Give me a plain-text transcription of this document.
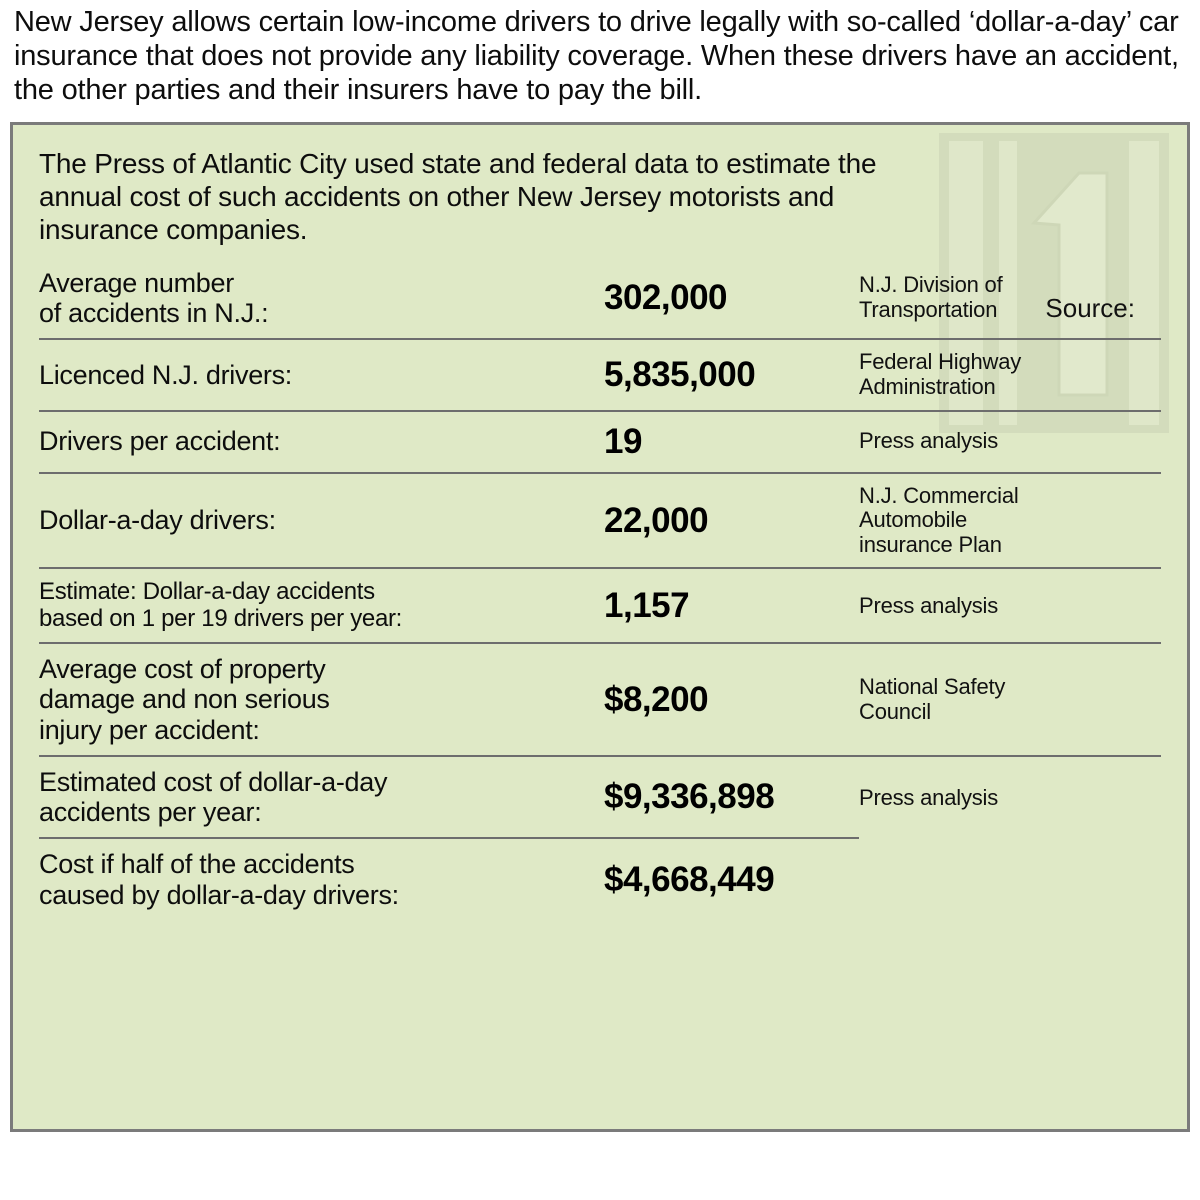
New Jersey allows certain low-income drivers to drive legally with so-called ‘dollar-a-day’ car insurance that does not provide any liability coverage. When these drivers have an accident, the other parties and their insurers have to pay the bill.
The Press of Atlantic City used state and federal data to estimate the annual cost of such accidents on other New Jersey motorists and insurance companies.
Source:
Average number
of accidents in N.J.:	302,000	N.J. Division of
Transportation
Licenced N.J. drivers:	5,835,000	Federal Highway
Administration
Drivers per accident:	19	Press analysis
Dollar-a-day drivers:	22,000	N.J. Commercial
Automobile
insurance Plan
Estimate: Dollar-a-day accidents
based on 1 per 19 drivers per year:	1,157	Press analysis
Average cost of property
damage and non serious
injury per accident:	$8,200	National Safety
Council
Estimated cost of dollar-a-day
accidents per year:	$9,336,898	Press analysis
Cost if half of the accidents
caused by dollar-a-day drivers:	$4,668,449	
